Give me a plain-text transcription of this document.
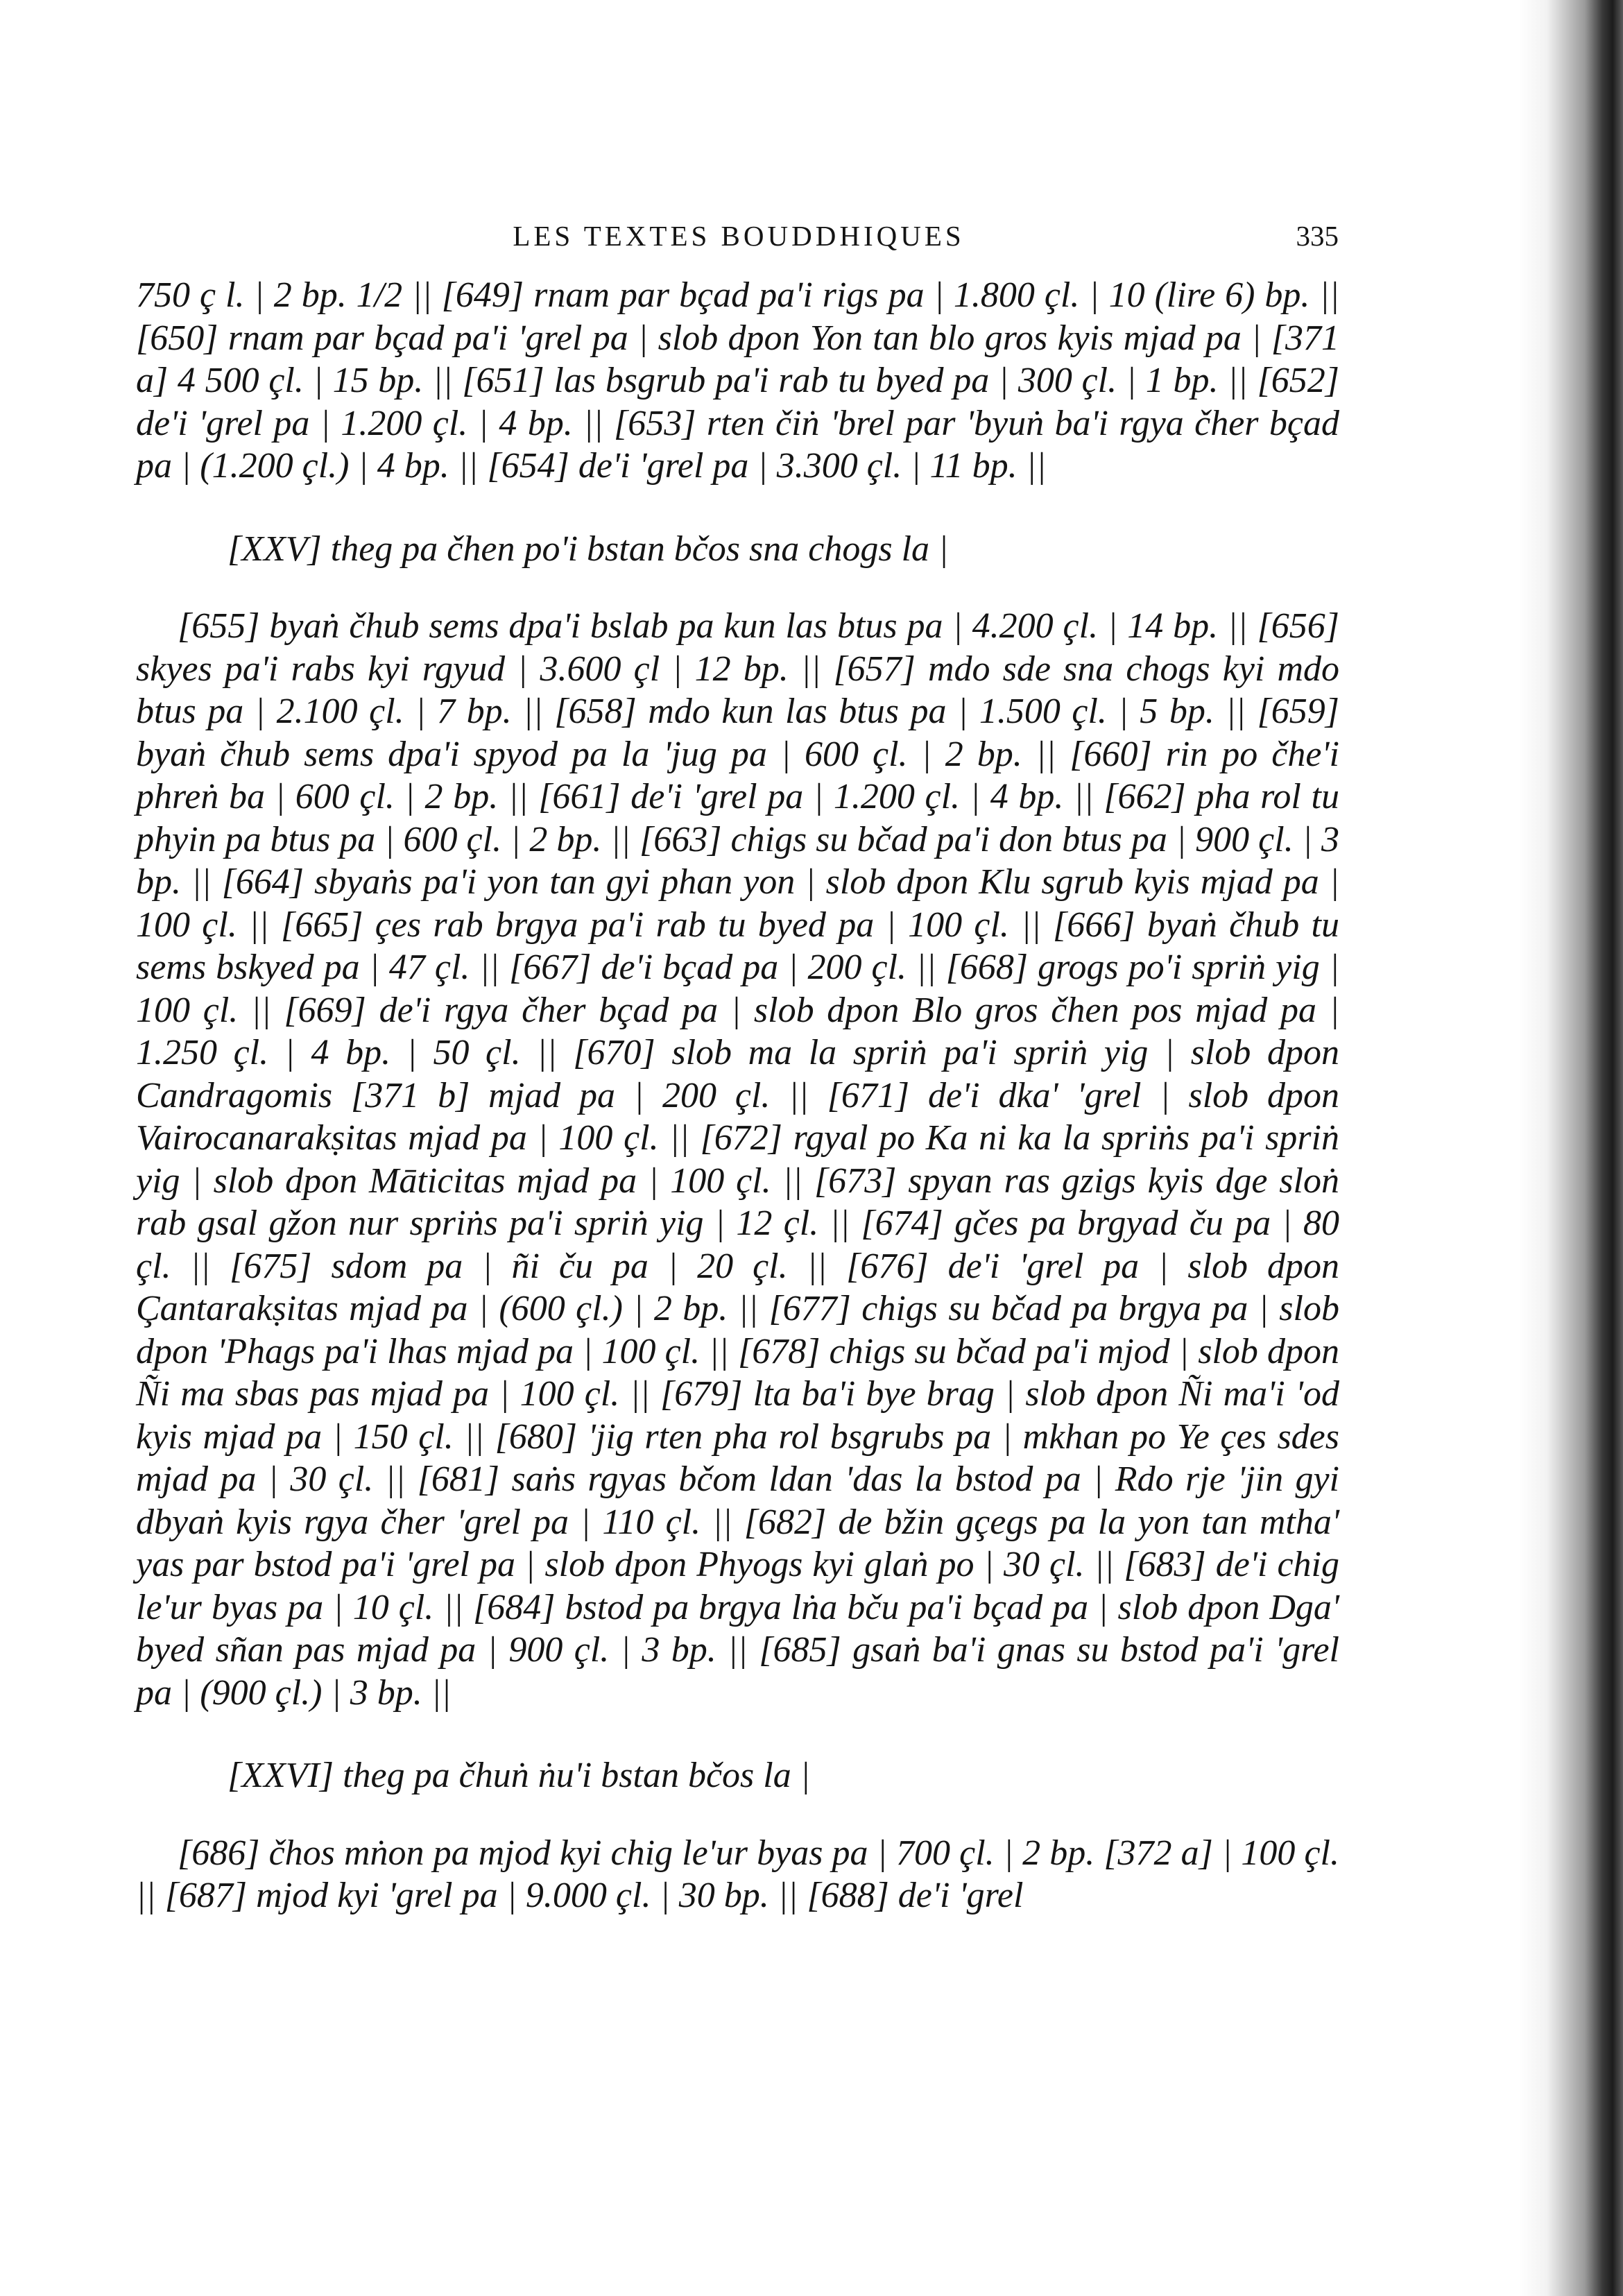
LES TEXTES BOUDDHIQUES	335

750 ç l. | 2 bp. 1/2 || [649] rnam par bçad pa'i rigs pa | 1.800 çl. | 10 (lire 6) bp. || [650] rnam par bçad pa'i 'grel pa | slob dpon Yon tan blo gros kyis mjad pa | [371 a] 4 500 çl. | 15 bp. || [651] las bsgrub pa'i rab tu byed pa | 300 çl. | 1 bp. || [652] de'i 'grel pa | 1.200 çl. | 4 bp. || [653] rten čiṅ 'brel par 'byuṅ ba'i rgya čher bçad pa | (1.200 çl.) | 4 bp. || [654] de'i 'grel pa | 3.300 çl. | 11 bp. ||

[XXV] theg pa čhen po'i bstan bčos sna chogs la |

[655] byaṅ čhub sems dpa'i bslab pa kun las btus pa | 4.200 çl. | 14 bp. || [656] skyes pa'i rabs kyi rgyud | 3.600 çl | 12 bp. || [657] mdo sde sna chogs kyi mdo btus pa | 2.100 çl. | 7 bp. || [658] mdo kun las btus pa | 1.500 çl. | 5 bp. || [659] byaṅ čhub sems dpa'i spyod pa la 'jug pa | 600 çl. | 2 bp. || [660] rin po čhe'i phreṅ ba | 600 çl. | 2 bp. || [661] de'i 'grel pa | 1.200 çl. | 4 bp. || [662] pha rol tu phyin pa btus pa | 600 çl. | 2 bp. || [663] chigs su bčad pa'i don btus pa | 900 çl. | 3 bp. || [664] sbyaṅs pa'i yon tan gyi phan yon | slob dpon Klu sgrub kyis mjad pa | 100 çl. || [665] çes rab brgya pa'i rab tu byed pa | 100 çl. || [666] byaṅ čhub tu sems bskyed pa | 47 çl. || [667] de'i bçad pa | 200 çl. || [668] grogs po'i spriṅ yig | 100 çl. || [669] de'i rgya čher bçad pa | slob dpon Blo gros čhen pos mjad pa | 1.250 çl. | 4 bp. | 50 çl. || [670] slob ma la spriṅ pa'i spriṅ yig | slob dpon Candragomis [371 b] mjad pa | 200 çl. || [671] de'i dka' 'grel | slob dpon Vairocanarakṣitas mjad pa | 100 çl. || [672] rgyal po Ka ni ka la spriṅs pa'i spriṅ yig | slob dpon Māticitas mjad pa | 100 çl. || [673] spyan ras gzigs kyis dge sloṅ rab gsal gžon nur spriṅs pa'i spriṅ yig | 12 çl. || [674] gčes pa brgyad ču pa | 80 çl. || [675] sdom pa | ñi ču pa | 20 çl. || [676] de'i 'grel pa | slob dpon Çantarakṣitas mjad pa | (600 çl.) | 2 bp. || [677] chigs su bčad pa brgya pa | slob dpon 'Phags pa'i lhas mjad pa | 100 çl. || [678] chigs su bčad pa'i mjod | slob dpon Ñi ma sbas pas mjad pa | 100 çl. || [679] lta ba'i bye brag | slob dpon Ñi ma'i 'od kyis mjad pa | 150 çl. || [680] 'jig rten pha rol bsgrubs pa | mkhan po Ye çes sdes mjad pa | 30 çl. || [681] saṅs rgyas bčom ldan 'das la bstod pa | Rdo rje 'jin gyi dbyaṅ kyis rgya čher 'grel pa | 110 çl. || [682] de bžin gçegs pa la yon tan mtha' yas par bstod pa'i 'grel pa | slob dpon Phyogs kyi glaṅ po | 30 çl. || [683] de'i chig le'ur byas pa | 10 çl. || [684] bstod pa brgya lṅa bču pa'i bçad pa | slob dpon Dga' byed sñan pas mjad pa | 900 çl. | 3 bp. || [685] gsaṅ ba'i gnas su bstod pa'i 'grel pa | (900 çl.) | 3 bp. ||

[XXVI] theg pa čhuṅ ṅu'i bstan bčos la |

[686] čhos mṅon pa mjod kyi chig le'ur byas pa | 700 çl. | 2 bp. [372 a] | 100 çl. || [687] mjod kyi 'grel pa | 9.000 çl. | 30 bp. || [688] de'i 'grel
